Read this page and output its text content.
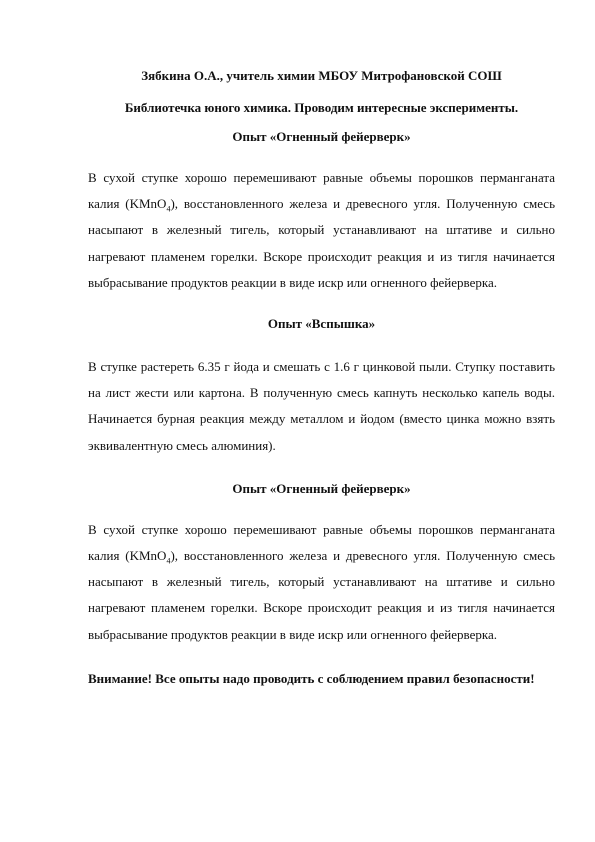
Зябкина О.А., учитель химии МБОУ Митрофановской СОШ

Библиотечка юного химика. Проводим интересные эксперименты.

Опыт «Огненный фейерверк»

В сухой ступке хорошо перемешивают равные объемы порошков перманганата калия (KMnO$_4$), восстановленного железа и древесного угля. Полученную смесь насыпают в железный тигель, который устанавливают на штативе и сильно нагревают пламенем горелки. Вскоре происходит реакция и из тигля начинается выбрасывание продуктов реакции в виде искр или огненного фейерверка.

Опыт «Вспышка»

В ступке растереть 6.35 г йода и смешать с 1.6 г цинковой пыли. Ступку поставить на лист жести или картона. В полученную смесь капнуть несколько капель воды. Начинается бурная реакция между металлом и йодом (вместо цинка можно взять эквивалентную смесь алюминия).

Опыт «Огненный фейерверк»

В сухой ступке хорошо перемешивают равные объемы порошков перманганата калия (KMnO$_4$), восстановленного железа и древесного угля. Полученную смесь насыпают в железный тигель, который устанавливают на штативе и сильно нагревают пламенем горелки. Вскоре происходит реакция и из тигля начинается выбрасывание продуктов реакции в виде искр или огненного фейерверка.

Внимание! Все опыты надо проводить с соблюдением правил безопасности!
